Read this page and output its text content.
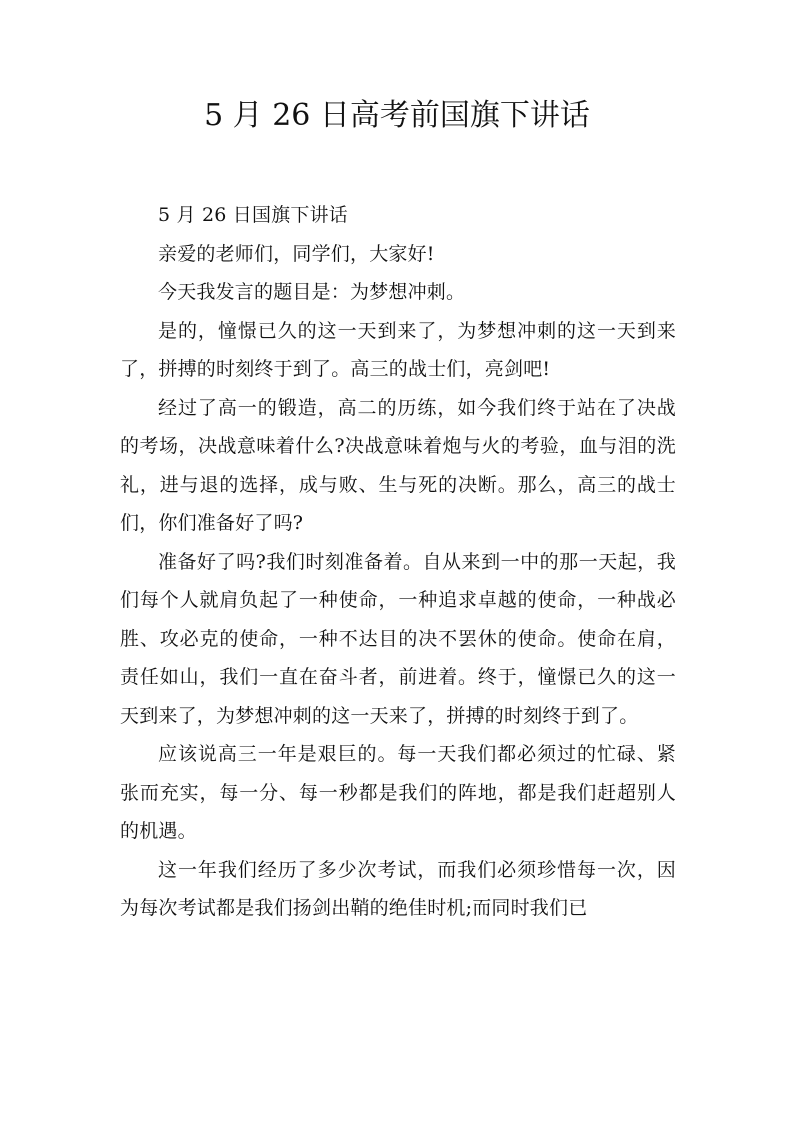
5 月 26 日高考前国旗下讲话

5 月 26 日国旗下讲话

亲爱的老师们，同学们，大家好!

今天我发言的题目是：为梦想冲刺。

是的，憧憬已久的这一天到来了，为梦想冲刺的这一天到来了，拼搏的时刻终于到了。高三的战士们，亮剑吧!

经过了高一的锻造，高二的历练，如今我们终于站在了决战的考场，决战意味着什么?决战意味着炮与火的考验，血与泪的洗礼，进与退的选择，成与败、生与死的决断。那么，高三的战士们，你们准备好了吗?

准备好了吗?我们时刻准备着。自从来到一中的那一天起，我们每个人就肩负起了一种使命，一种追求卓越的使命，一种战必胜、攻必克的使命，一种不达目的决不罢休的使命。使命在肩，责任如山，我们一直在奋斗者，前进着。终于，憧憬已久的这一天到来了，为梦想冲刺的这一天来了，拼搏的时刻终于到了。

应该说高三一年是艰巨的。每一天我们都必须过的忙碌、紧张而充实，每一分、每一秒都是我们的阵地，都是我们赶超别人的机遇。

这一年我们经历了多少次考试，而我们必须珍惜每一次，因为每次考试都是我们扬剑出鞘的绝佳时机;而同时我们已
